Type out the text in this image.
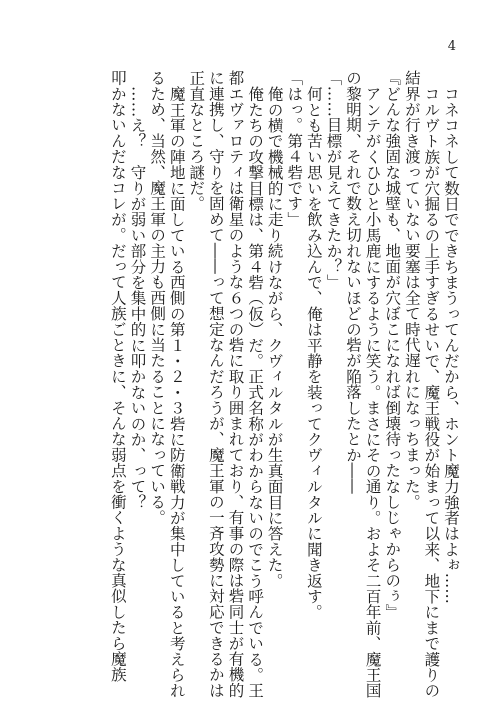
4
コネコネして数日でできちまうってんだから、ホント魔力強者はよぉ……
コルヴト族が穴掘るの上手すぎるせいで、魔王戦役が始まって以来、地下にまで護りの
結界が行き渡っていない要塞は全て時代遅れになっちまった。
『どんな強固な城壁も、地面が穴ぼこになれば倒壊待ったなしじゃからのぅ』
アンテがくひひと小馬鹿にするように笑う。まさにその通り。およそ二百年前、魔王国
の黎明期、それで数え切れないほどの砦が陥落したとか――
「……目標が見えてきたか？」
何とも苦い思いを飲み込んで、俺は平静を装ってクヴィルタルに聞き返す。
「はっ。第４砦です」
俺の横で機械的に走り続けながら、クヴィルタルが生真面目に答えた。
俺たちの攻撃目標は、第４砦（仮）だ。正式名称がわからないのでこう呼んでいる。王
都エヴァロティは衛星のような６つの砦に取り囲まれており、有事の際は砦同士が有機的
に連携し、守りを固めて――って想定なんだろうが、魔王軍の一斉攻勢に対応できるかは
正直なところ謎だ。
魔王軍の陣地に面している西側の第１・２・３砦に防衛戦力が集中していると考えられ
るため、当然、魔王軍の主力も西側に当たることになっている。
……え？　守りが弱い部分を集中的に叩かないのか、って？
叩かないんだなコレが。だって人族ごときに、そんな弱点を衝くような真似したら魔族
